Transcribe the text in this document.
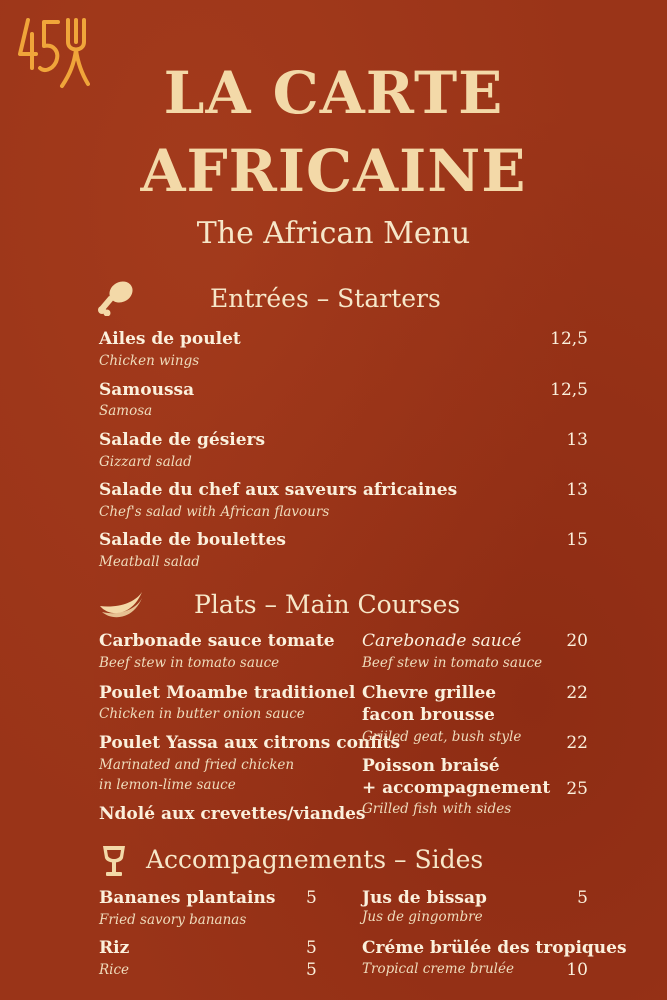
LA CARTE
AFRICAINE
The African Menu
Entrées – Starters
Ailes de poulet
Chicken wings
12,5
Samoussa
Samosa
12,5
Salade de gésiers
Gizzard salad
13
Salade du chef aux saveurs africaines
Chef's salad with African flavours
13
Salade de boulettes
Meatball salad
15
Plats – Main Courses
Carbonade sauce tomate
Beef stew in tomato sauce
Poulet Moambe traditionel
Chicken in butter onion sauce
Poulet Yassa aux citrons confits
Marinated and fried chicken
in lemon-lime sauce
Ndolé aux crevettes/viandes
Carebonade saucé
Beef stew in tomato sauce
20
Chevre grillee
facon brousse
Griiled geat, bush style
22
22
Poisson braisé
+ accompagnement
Grilled fish with sides
25
Accompagnements – Sides
Bananes plantains
Fried savory bananas
5
Riz
Rice
5
5
Jus de bissap
Jus de gingombre
5
Créme brülée des tropiques
Tropical creme brulée	10
